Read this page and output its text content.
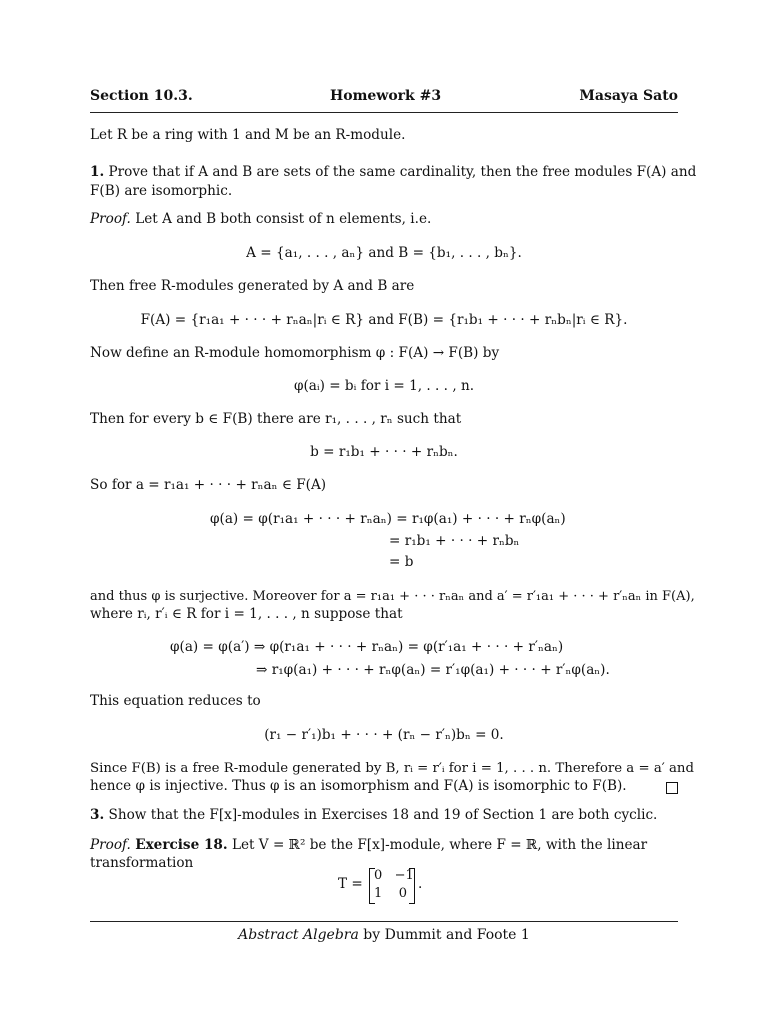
Section 10.3.	Homework #3	Masaya Sato
Let R be a ring with 1 and M be an R-module.
1. Prove that if A and B are sets of the same cardinality, then the free modules F(A) and
F(B) are isomorphic.
Proof. Let A and B both consist of n elements, i.e.
A = {a₁, . . . , aₙ} and B = {b₁, . . . , bₙ}.
Then free R-modules generated by A and B are
F(A) = {r₁a₁ + · · · + rₙaₙ|rᵢ ∈ R} and F(B) = {r₁b₁ + · · · + rₙbₙ|rᵢ ∈ R}.
Now define an R-module homomorphism φ : F(A) → F(B) by
φ(aᵢ) = bᵢ for i = 1, . . . , n.
Then for every b ∈ F(B) there are r₁, . . . , rₙ such that
b = r₁b₁ + · · · + rₙbₙ.
So for a = r₁a₁ + · · · + rₙaₙ ∈ F(A)
φ(a) = φ(r₁a₁ + · · · + rₙaₙ) = r₁φ(a₁) + · · · + rₙφ(aₙ)
= r₁b₁ + · · · + rₙbₙ
= b
and thus φ is surjective. Moreover for a = r₁a₁ + · · · rₙaₙ and a′ = r′₁a₁ + · · · + r′ₙaₙ in F(A),
where rᵢ, r′ᵢ ∈ R for i = 1, . . . , n suppose that
φ(a) = φ(a′) ⇒ φ(r₁a₁ + · · · + rₙaₙ) = φ(r′₁a₁ + · · · + r′ₙaₙ)
⇒ r₁φ(a₁) + · · · + rₙφ(aₙ) = r′₁φ(a₁) + · · · + r′ₙφ(aₙ).
This equation reduces to
(r₁ − r′₁)b₁ + · · · + (rₙ − r′ₙ)bₙ = 0.
Since F(B) is a free R-module generated by B, rᵢ = r′ᵢ for i = 1, . . . n. Therefore a = a′ and
hence φ is injective. Thus φ is an isomorphism and F(A) is isomorphic to F(B).
3. Show that the F[x]-modules in Exercises 18 and 19 of Section 1 are both cyclic.
Proof. Exercise 18. Let V = ℝ² be the F[x]-module, where F = ℝ, with the linear
transformation
T =
0   −1
1    0
.
Abstract Algebra by Dummit and Foote 1
